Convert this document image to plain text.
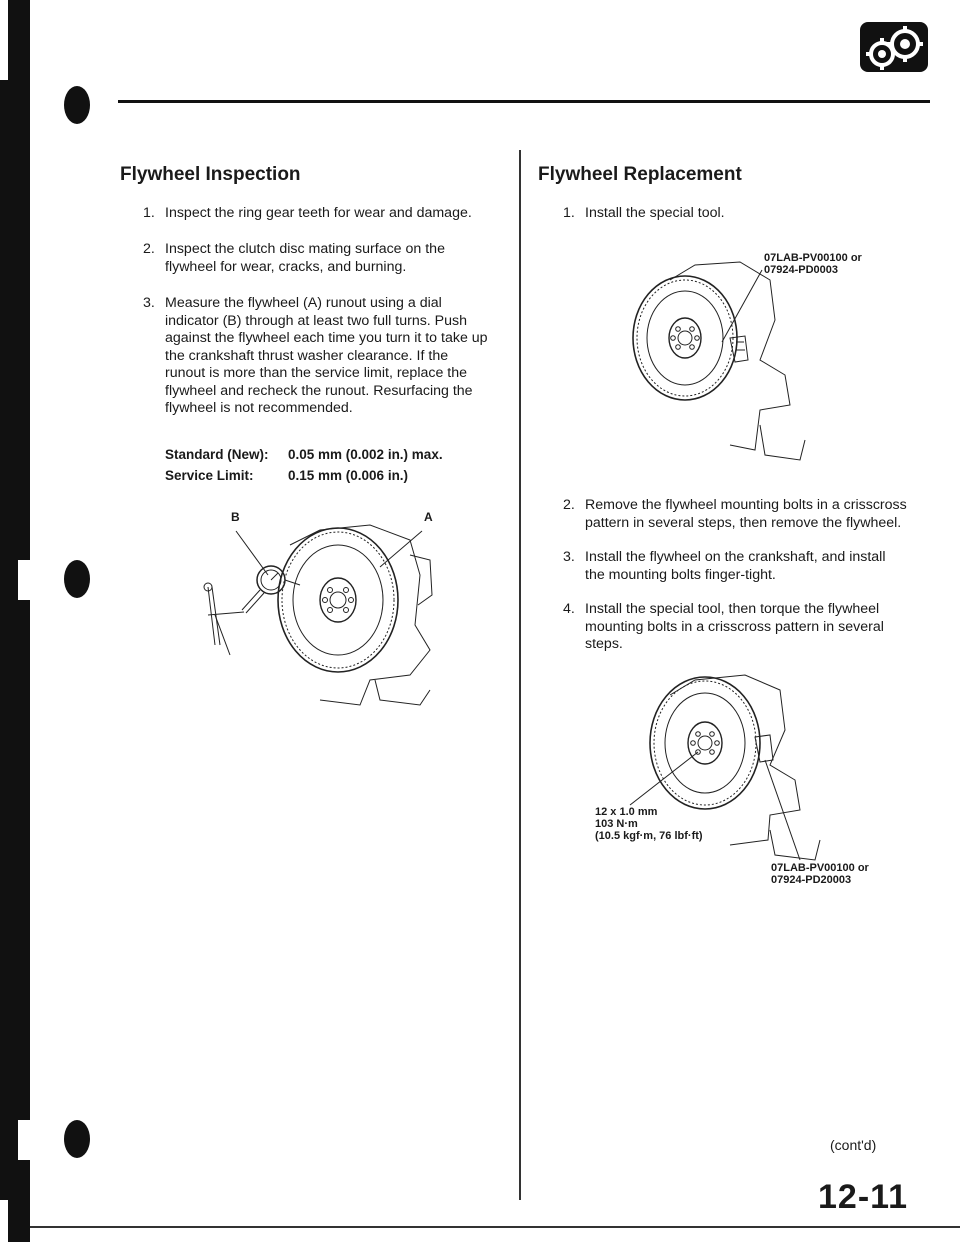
Flywheel Inspection
1. Inspect the ring gear teeth for wear and damage.
2. Inspect the clutch disc mating surface on the
flywheel for wear, cracks, and burning.
3. Measure the flywheel (A) runout using a dial
indicator (B) through at least two full turns. Push
against the flywheel each time you turn it to take up
the crankshaft thrust washer clearance. If the
runout is more than the service limit, replace the
flywheel and recheck the runout. Resurfacing the
flywheel is not recommended.
Standard (New): 0.05 mm (0.002 in.) max.
Service Limit:	0.15 mm (0.006 in.)
B	A
Flywheel Replacement
1. Install the special tool.
07LAB-PV00100 or
07924-PD0003
2. Remove the flywheel mounting bolts in a crisscross
pattern in several steps, then remove the flywheel.
3. Install the flywheel on the crankshaft, and install
the mounting bolts finger-tight.
4. Install the special tool, then torque the flywheel
mounting bolts in a crisscross pattern in several
steps.
12 x 1.0 mm
103 N·m
(10.5 kgf·m, 76 lbf·ft)
07LAB-PV00100 or
07924-PD20003
(cont'd)
12-11
